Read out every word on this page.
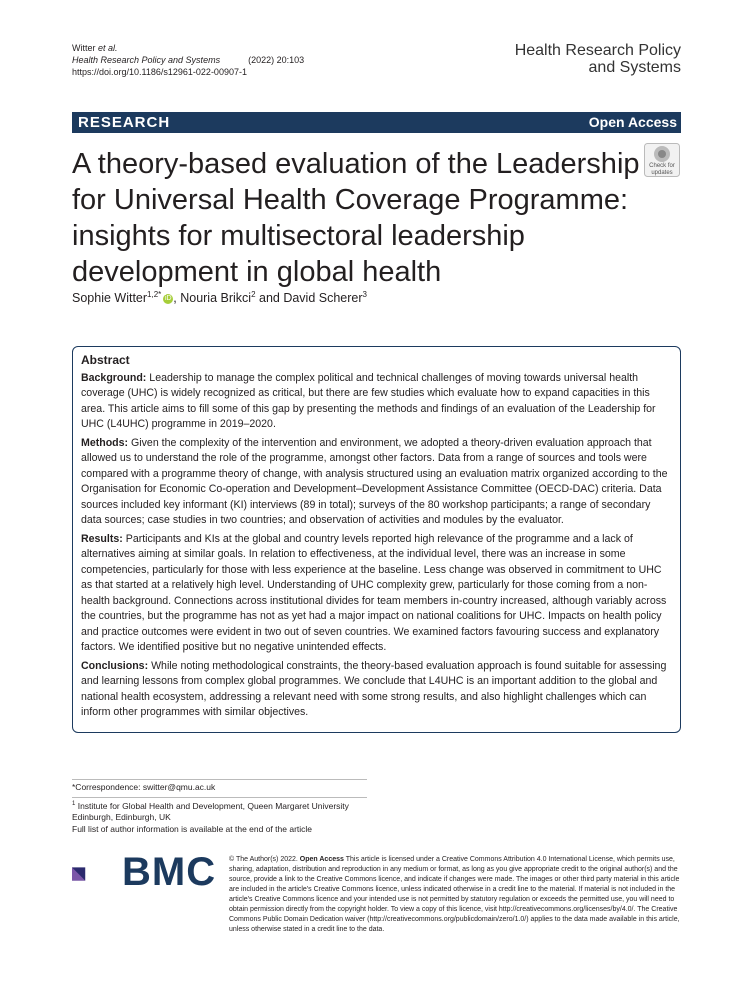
Witter et al.
Health Research Policy and Systems	(2022) 20:103
https://doi.org/10.1186/s12961-022-00907-1
Health Research Policy
and Systems
RESEARCH	Open Access
A theory-based evaluation of the Leadership for Universal Health Coverage Programme: insights for multisectoral leadership development in global health
Check for
updates
Sophie Witter$^{1,2*}$ iD , Nouria Brikci$^2$ and David Scherer$^3$
Abstract

Background: Leadership to manage the complex political and technical challenges of moving towards universal health coverage (UHC) is widely recognized as critical, but there are few studies which evaluate how to expand capacities in this area. This article aims to fill some of this gap by presenting the methods and findings of an evaluation of the Leadership for UHC (L4UHC) programme in 2019–2020.

Methods: Given the complexity of the intervention and environment, we adopted a theory-driven evaluation approach that allowed us to understand the role of the programme, amongst other factors. Data from a range of sources and tools were compared with a programme theory of change, with analysis structured using an evaluation matrix organized according to the Organisation for Economic Co-operation and Development–Development Assistance Committee (OECD-DAC) criteria. Data sources included key informant (KI) interviews (89 in total); surveys of the 80 workshop participants; a range of secondary data sources; case studies in two countries; and observation of activities and modules by the evaluator.

Results: Participants and KIs at the global and country levels reported high relevance of the programme and a lack of alternatives aiming at similar goals. In relation to effectiveness, at the individual level, there was an increase in some competencies, particularly for those with less experience at the baseline. Less change was observed in commitment to UHC as that started at a relatively high level. Understanding of UHC complexity grew, particularly for those coming from a non-health background. Connections across institutional divides for team members in-country increased, although variably across the countries, but the programme has not as yet had a major impact on national coalitions for UHC. Impacts on health policy and practice outcomes were evident in two out of seven countries. We examined factors favouring success and explanatory factors. We identified positive but no negative unintended effects.

Conclusions: While noting methodological constraints, the theory-based evaluation approach is found suitable for assessing and learning lessons from complex global programmes. We conclude that L4UHC is an important addition to the global and national health ecosystem, addressing a relevant need with some strong results, and also highlight challenges which can inform other programmes with similar objectives.

*Correspondence: switter@qmu.ac.uk
$^1$ Institute for Global Health and Development, Queen Margaret University Edinburgh, Edinburgh, UK
Full list of author information is available at the end of the article
BMC © The Author(s) 2022. Open Access This article is licensed under a Creative Commons Attribution 4.0 International License, which permits use, sharing, adaptation, distribution and reproduction in any medium or format, as long as you give appropriate credit to the original author(s) and the source, provide a link to the Creative Commons licence, and indicate if changes were made. The images or other third party material in this article are included in the article's Creative Commons licence, unless indicated otherwise in a credit line to the material. If material is not included in the article's Creative Commons licence and your intended use is not permitted by statutory regulation or exceeds the permitted use, you will need to obtain permission directly from the copyright holder. To view a copy of this licence, visit http://creativecommons.org/licenses/by/4.0/. The Creative Commons Public Domain Dedication waiver (http://creativecommons.org/publicdomain/zero/1.0/) applies to the data made available in this article, unless otherwise stated in a credit line to the data.
